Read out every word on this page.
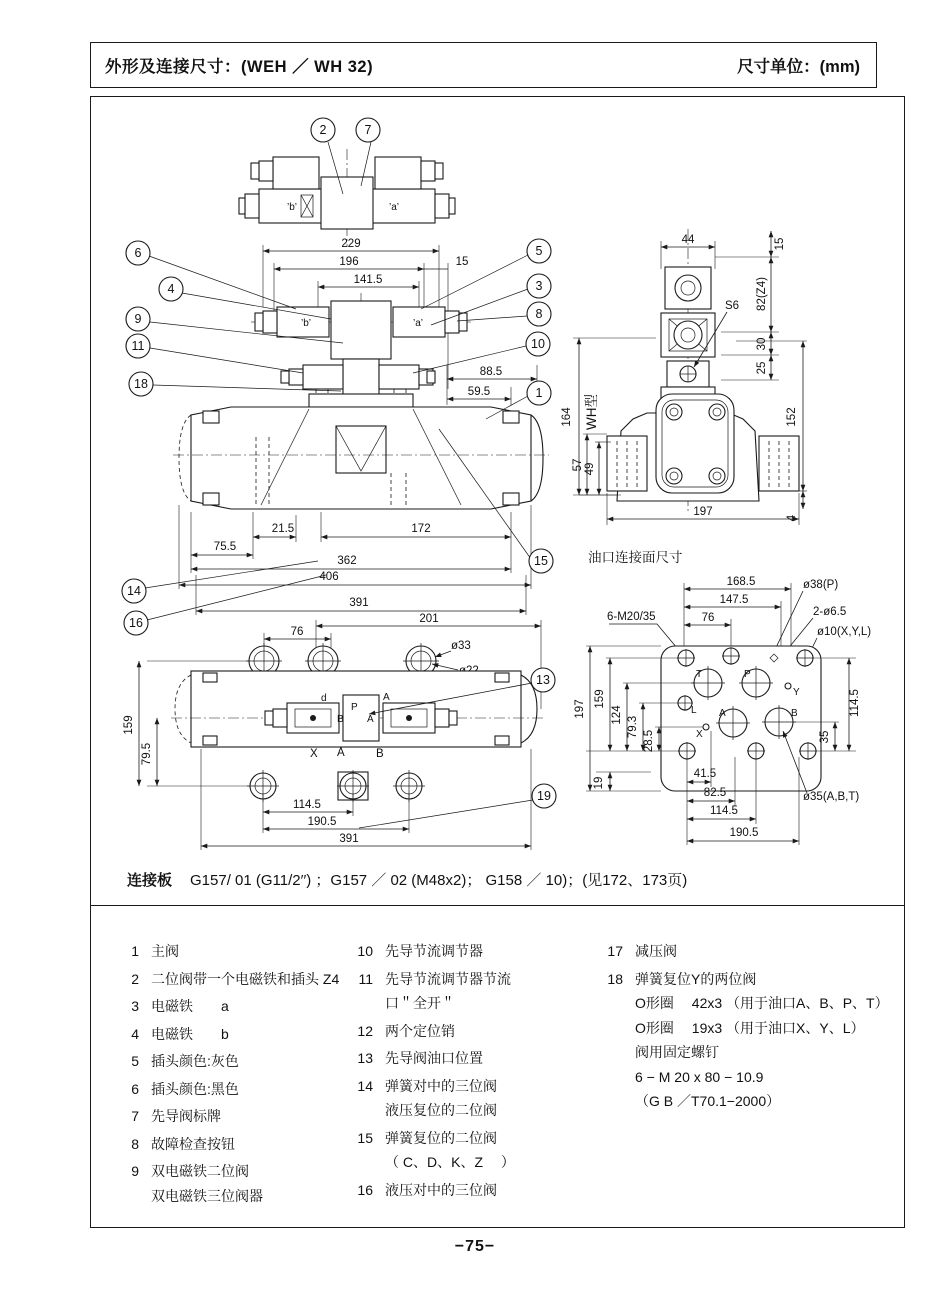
外形及连接尺寸：(WEH ／ WH 32)	尺寸单位：(mm)
’b’	’a’
2	7
229
196	15
141.5
’b’	’a’
88.5
59.5
21.5	172
75.5
362
406
391
6
4
9
11
18
5
3
8
10
1
15
14
16
44
S6
15
82(Z4)
30
25
164 WH型
57 49
152
4
197
油口连接面尺寸
168.5
147.5
76
6-M20/35
ø38(P)
2-ø6.5
ø10(X,Y,L)
T	P
A	B
L
X
Y
197
159
124
79.3
28.5
19
41.5
82.5
114.5
190.5
114.5
35
ø35(A,B,T)
201
76
ø33
d	A
P
B A
X A	B
13
159
79.5
114.5
190.5
391
19
连接板 G157/ 01 (G11/2′′) ；G157 ／ 02 (M48x2)； G158 ／ 10)；(见172、173页)
1 主阀
2 二位阀带一个电磁铁和插头 Z4
3 电磁铁　　a
4 电磁铁　　b
5 插头颜色:灰色
6 插头颜色:黑色
7 先导阀标牌
8 故障检查按钮
9 双电磁铁二位阀
双电磁铁三位阀器
10 先导节流调节器
11 先导节流调节器节流
口＂全开＂
12 两个定位销
13 先导阀油口位置
14 弹簧对中的三位阀
液压复位的二位阀
15 弹簧复位的二位阀
（ C、D、K、Z　 ）
16 液压对中的三位阀
17 减压阀
18 弹簧复位Y的两位阀
O形圈　 42x3 （用于油口A、B、P、T）
O形圈　 19x3 （用于油口X、Y、L）
阀用固定螺钉
6 − M 20 x 80 − 10.9
（G B ／T70.1−2000）
−75−
